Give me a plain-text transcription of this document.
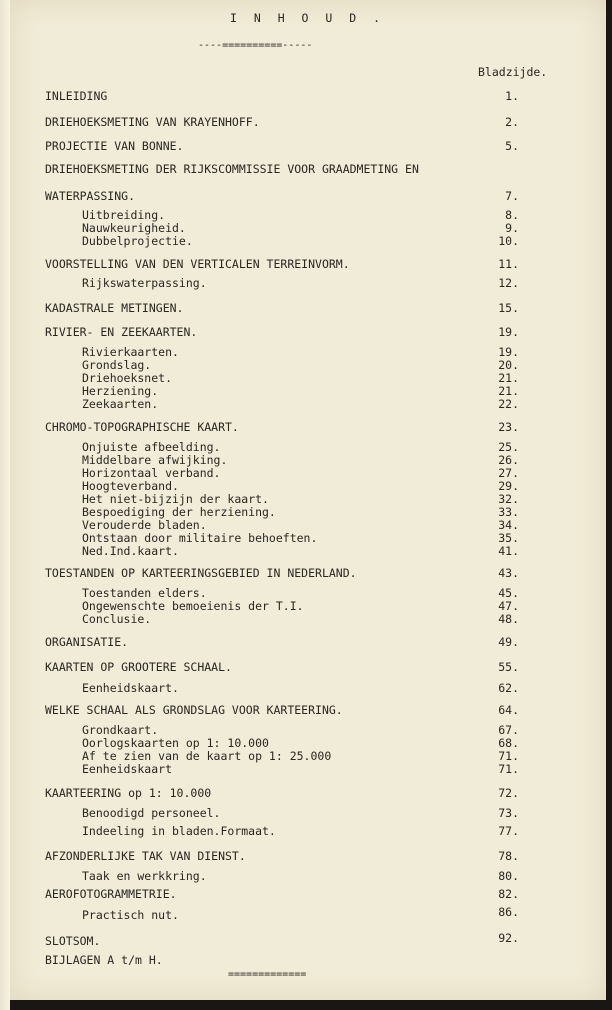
I N H O U D .
----==========-----
Bladzijde.
INLEIDING	1.
DRIEHOEKSMETING VAN KRAYENHOFF.	2.
PROJECTIE VAN BONNE.	5.
DRIEHOEKSMETING DER RIJKSCOMMISSIE VOOR GRAADMETING EN
WATERPASSING.	7.
Uitbreiding.	8.
Nauwkeurigheid.	9.
Dubbelprojectie.	10.
VOORSTELLING VAN DEN VERTICALEN TERREINVORM.	11.
Rijkswaterpassing.	12.
KADASTRALE METINGEN.	15.
RIVIER- EN ZEEKAARTEN.	19.
Rivierkaarten.	19.
Grondslag.	20.
Driehoeksnet.	21.
Herziening.	21.
Zeekaarten.	22.
CHROMO-TOPOGRAPHISCHE KAART.	23.
Onjuiste afbeelding.	25.
Middelbare afwijking.	26.
Horizontaal verband.	27.
Hoogteverband.	29.
Het niet-bijzijn der kaart.	32.
Bespoediging der herziening.	33.
Verouderde bladen.	34.
Ontstaan door militaire behoeften.	35.
Ned.Ind.kaart.	41.
TOESTANDEN OP KARTEERINGSGEBIED IN NEDERLAND.	43.
Toestanden elders.	45.
Ongewenschte bemoeienis der T.I.	47.
Conclusie.	48.
ORGANISATIE.	49.
KAARTEN OP GROOTERE SCHAAL.	55.
Eenheidskaart.	62.
WELKE SCHAAL ALS GRONDSLAG VOOR KARTEERING.	64.
Grondkaart.	67.
Oorlogskaarten op 1: 10.000	68.
Af te zien van de kaart op 1: 25.000	71.
Eenheidskaart	71.
KAARTEERING op 1: 10.000	72.
Benoodigd personeel.	73.
Indeeling in bladen.Formaat.	77.
AFZONDERLIJKE TAK VAN DIENST.	78.
Taak en werkkring.	80.
AEROFOTOGRAMMETRIE.	82.
Practisch nut.	86.
SLOTSOM.	92.
BIJLAGEN A t/m H.
=============
